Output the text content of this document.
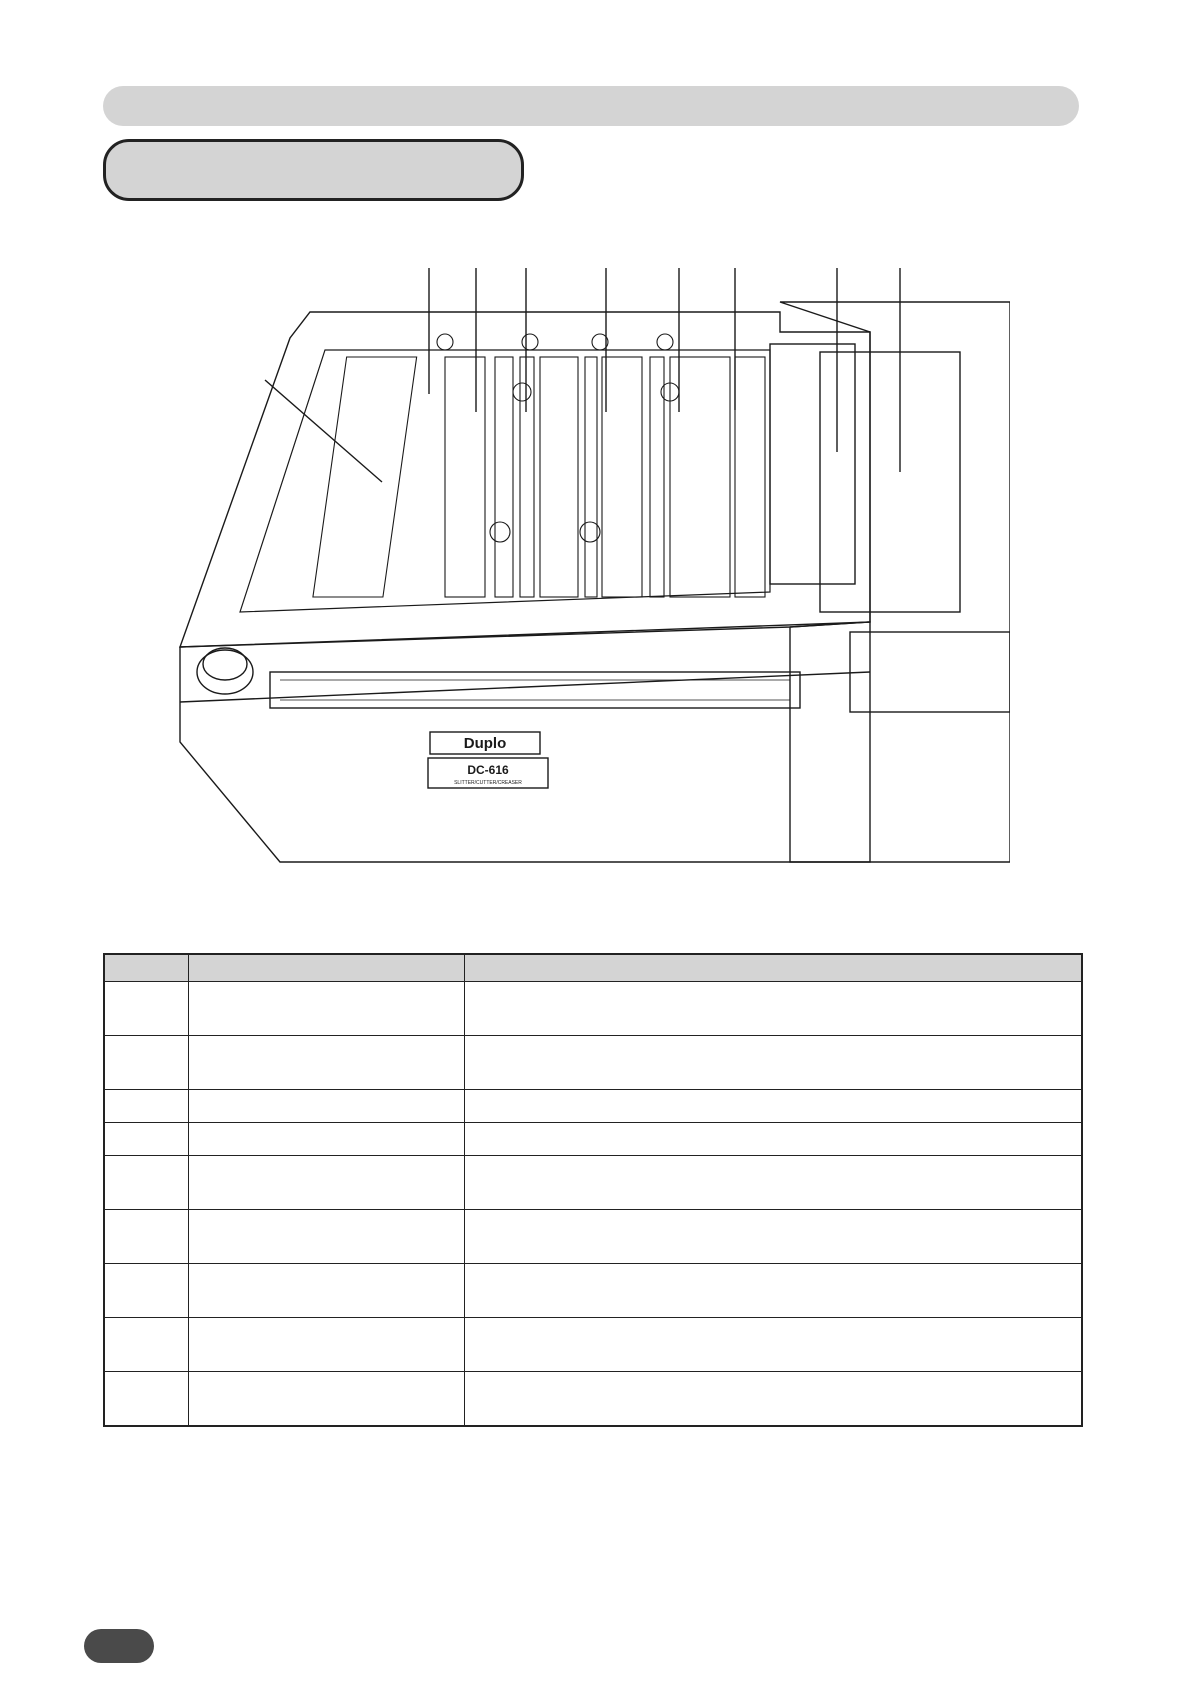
Duplo
DC-616
SLITTER/CUTTER/CREASER
